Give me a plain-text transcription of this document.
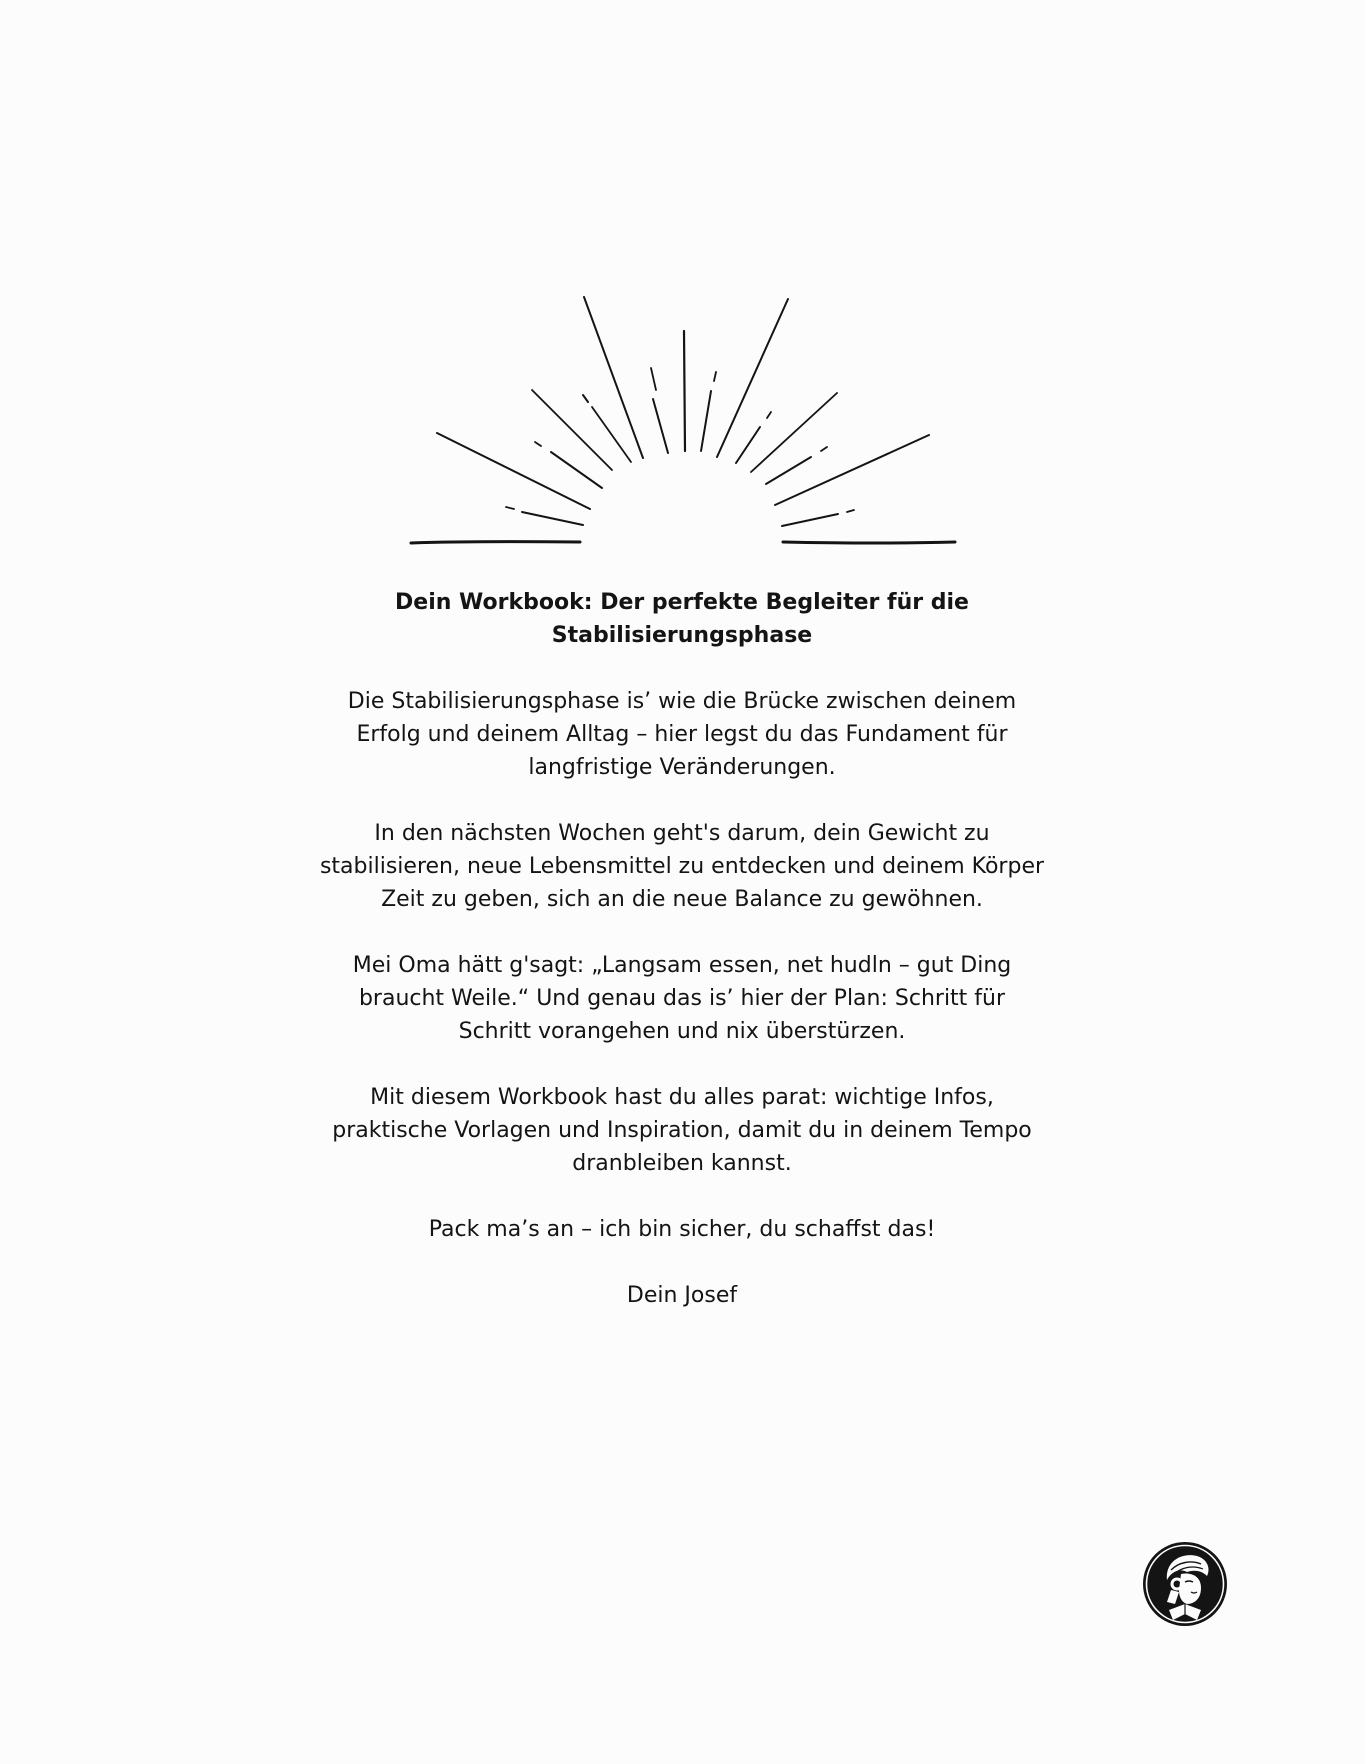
Dein Workbook: Der perfekte Begleiter für die
Stabilisierungsphase
Die Stabilisierungsphase is’ wie die Brücke zwischen deinem
Erfolg und deinem Alltag – hier legst du das Fundament für
langfristige Veränderungen.
In den nächsten Wochen geht's darum, dein Gewicht zu
stabilisieren, neue Lebensmittel zu entdecken und deinem Körper
Zeit zu geben, sich an die neue Balance zu gewöhnen.
Mei Oma hätt g'sagt: „Langsam essen, net hudln – gut Ding
braucht Weile.“ Und genau das is’ hier der Plan: Schritt für
Schritt vorangehen und nix überstürzen.
Mit diesem Workbook hast du alles parat: wichtige Infos,
praktische Vorlagen und Inspiration, damit du in deinem Tempo
dranbleiben kannst.
Pack ma’s an – ich bin sicher, du schaffst das!
Dein Josef
